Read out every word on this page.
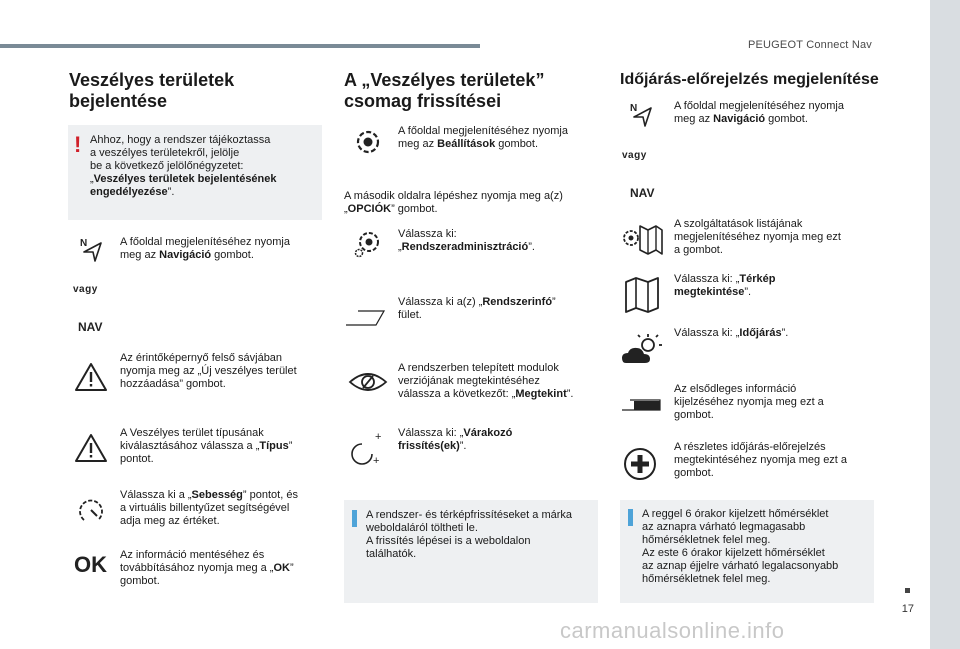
PEUGEOT Connect Nav
17
carmanualsonline.info
Veszélyes területek
bejelentése
! Ahhoz, hogy a rendszer tájékoztassa
a veszélyes területekről, jelölje
be a következő jelölőnégyzetet:
„Veszélyes területek bejelentésének
engedélyezése”.
N	A főoldal megjelenítéséhez nyomja
meg az Navigáció gombot.
vagy
NAV
Az érintőképernyő felső sávjában
nyomja meg az „Új veszélyes terület
hozzáadása” gombot.
A Veszélyes terület típusának
kiválasztásához válassza a „Típus”
pontot.
Válassza ki a „Sebesség” pontot, és
a virtuális billentyűzet segítségével
adja meg az értéket.
OK Az információ mentéséhez és
továbbításához nyomja meg a „OK”
gombot.
A „Veszélyes területek”
csomag frissítései
A főoldal megjelenítéséhez nyomja
meg az Beállítások gombot.
A második oldalra lépéshez nyomja meg a(z)
„OPCIÓK” gombot.
Válassza ki:
„Rendszeradminisztráció”.
Válassza ki a(z) „Rendszerinfó”
fület.
A rendszerben telepített modulok
verziójának megtekintéséhez
válassza a következőt: „Megtekint”.
+
+
Válassza ki: „Várakozó
frissítés(ek)”.
A rendszer- és térképfrissítéseket a márka
weboldaláról töltheti le.
A frissítés lépései is a weboldalon
találhatók.
Időjárás-előrejelzés megjelenítése
N	A főoldal megjelenítéséhez nyomja
meg az Navigáció gombot.
vagy
NAV
A szolgáltatások listájának
megjelenítéséhez nyomja meg ezt
a gombot.
Válassza ki: „Térkép
megtekintése”.
Válassza ki: „Időjárás”.
Az elsődleges információ
kijelzéséhez nyomja meg ezt a
gombot.
A részletes időjárás-előrejelzés
megtekintéséhez nyomja meg ezt a
gombot.
A reggel 6 órakor kijelzett hőmérséklet
az aznapra várható legmagasabb
hőmérsékletnek felel meg.
Az este 6 órakor kijelzett hőmérséklet
az aznap éjjelre várható legalacsonyabb
hőmérsékletnek felel meg.
